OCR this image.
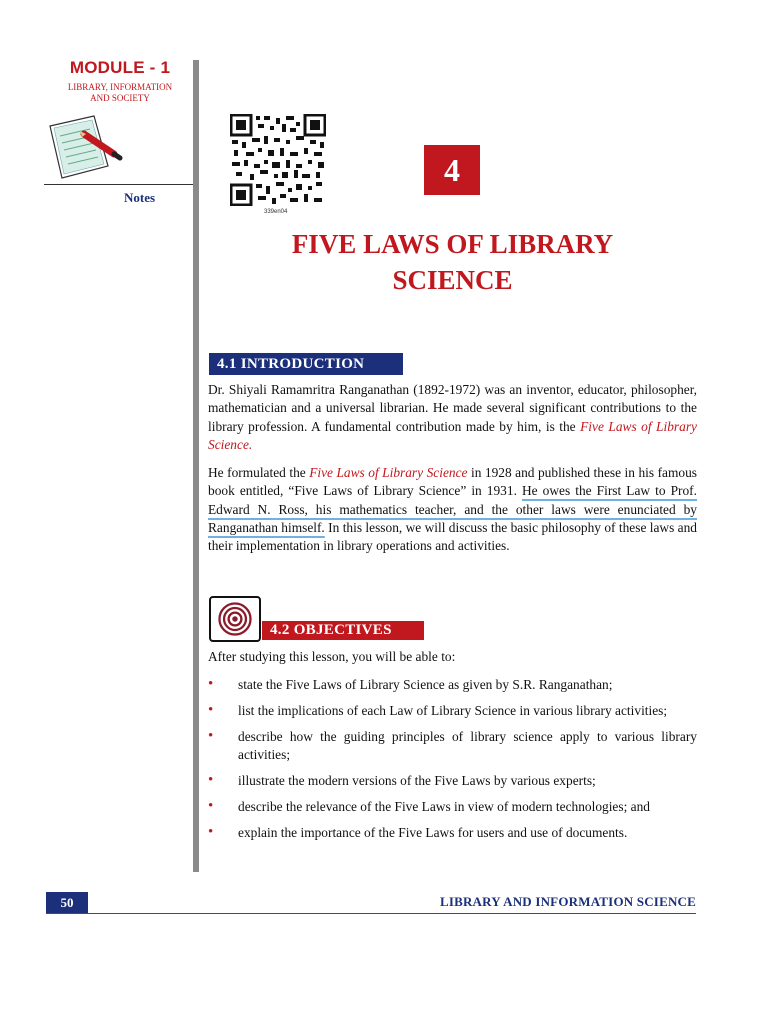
MODULE - 1
LIBRARY, INFORMATION
AND SOCIETY
Notes
339en04
4
FIVE LAWS OF LIBRARY
SCIENCE
4.1 INTRODUCTION

Dr. Shiyali Ramamritra Ranganathan (1892-1972) was an inventor, educator, philosopher, mathematician and a universal librarian. He made several significant contributions to the library profession. A fundamental contribution made by him, is the Five Laws of Library Science.

He formulated the Five Laws of Library Science in 1928 and published these in his famous book entitled, “Five Laws of Library Science” in 1931. He owes the First Law to Prof. Edward N. Ross, his mathematics teacher, and the other laws were enunciated by Ranganathan himself. In this lesson, we will discuss the basic philosophy of these laws and their implementation in library operations and activities.

4.2 OBJECTIVES

After studying this lesson, you will be able to:

• state the Five Laws of Library Science as given by S.R. Ranganathan;
• list the implications of each Law of Library Science in various library activities;
• describe how the guiding principles of library science apply to various library activities;
• illustrate the modern versions of the Five Laws by various experts;
• describe the relevance of the Five Laws in view of modern technologies; and
• explain the importance of the Five Laws for users and use of documents.
50	LIBRARY AND INFORMATION SCIENCE
